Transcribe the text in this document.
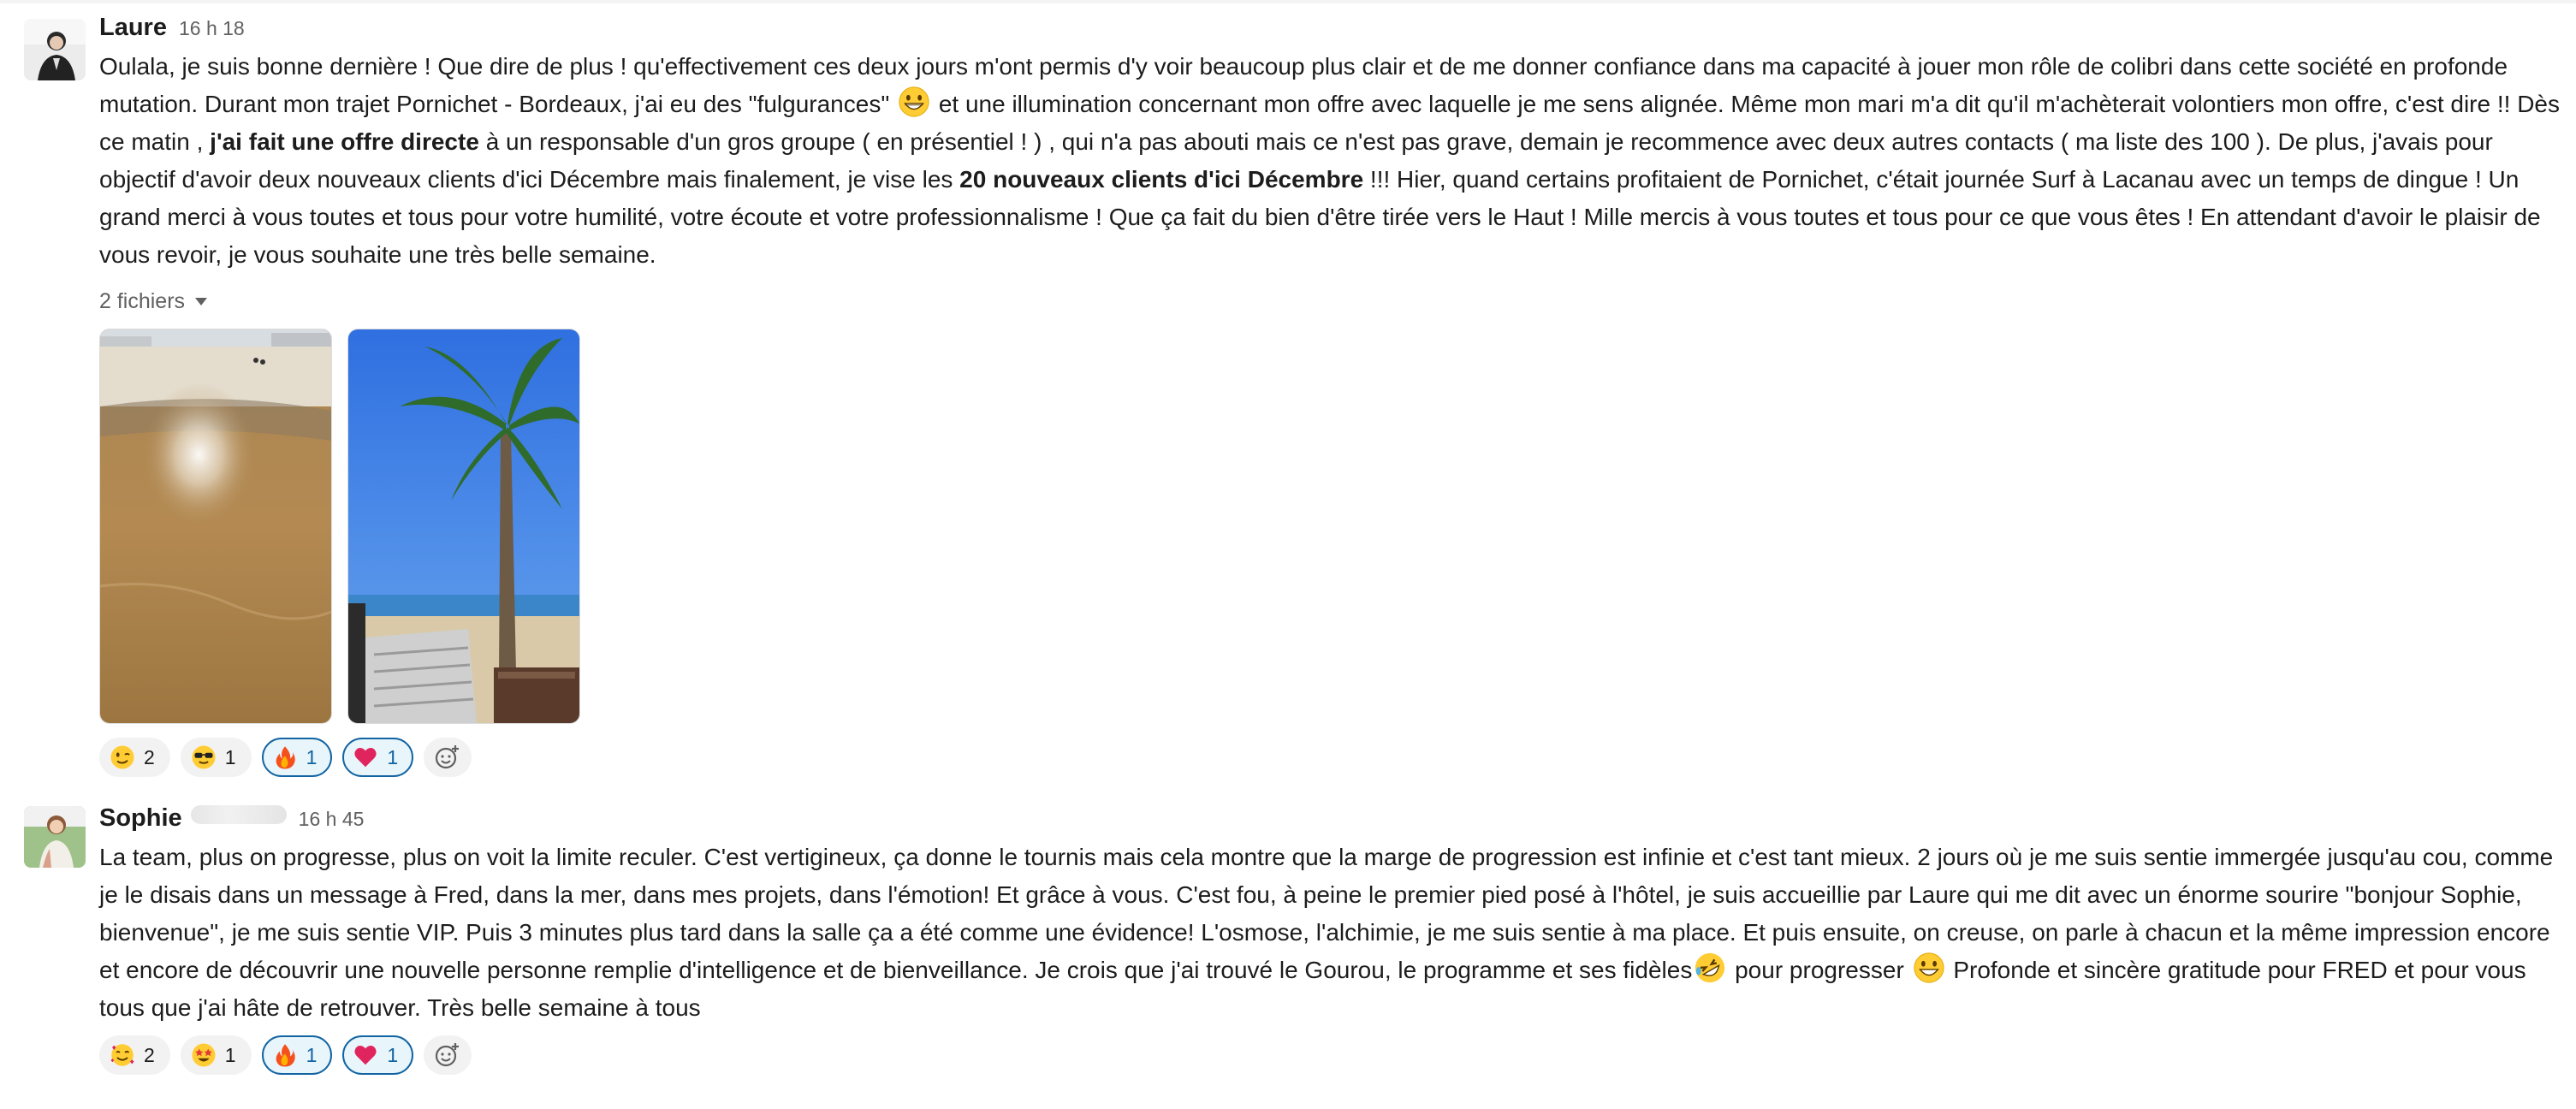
Laure 16 h 18
Oulala, je suis bonne dernière ! Que dire de plus ! qu'effectivement ces deux jours m'ont permis d'y voir beaucoup plus clair et de me donner confiance dans ma capacité à jouer mon rôle de colibri dans cette société en profonde mutation. Durant mon trajet Pornichet - Bordeaux, j'ai eu des "fulgurances" et une illumination concernant mon offre avec laquelle je me sens alignée. Même mon mari m'a dit qu'il m'achèterait volontiers mon offre, c'est dire !! Dès ce matin , j'ai fait une offre directe à un responsable d'un gros groupe ( en présentiel ! ) , qui n'a pas abouti mais ce n'est pas grave, demain je recommence avec deux autres contacts ( ma liste des 100 ). De plus, j'avais pour objectif d'avoir deux nouveaux clients d'ici Décembre mais finalement, je vise les 20 nouveaux clients d'ici Décembre !!! Hier, quand certains profitaient de Pornichet, c'était journée Surf à Lacanau avec un temps de dingue ! Un grand merci à vous toutes et tous pour votre humilité, votre écoute et votre professionnalisme ! Que ça fait du bien d'être tirée vers le Haut ! Mille mercis à vous toutes et tous pour ce que vous êtes ! En attendant d'avoir le plaisir de vous revoir, je vous souhaite une très belle semaine.
2 fichiers
2	1	1	1
Sophie	16 h 45
La team, plus on progresse, plus on voit la limite reculer. C'est vertigineux, ça donne le tournis mais cela montre que la marge de progression est infinie et c'est tant mieux. 2 jours où je me suis sentie immergée jusqu'au cou, comme je le disais dans un message à Fred, dans la mer, dans mes projets, dans l'émotion! Et grâce à vous. C'est fou, à peine le premier pied posé à l'hôtel, je suis accueillie par Laure qui me dit avec un énorme sourire "bonjour Sophie, bienvenue", je me suis sentie VIP. Puis 3 minutes plus tard dans la salle ça a été comme une évidence! L'osmose, l'alchimie, je me suis sentie à ma place. Et puis ensuite, on creuse, on parle à chacun et la même impression encore et encore de découvrir une nouvelle personne remplie d'intelligence et de bienveillance. Je crois que j'ai trouvé le Gourou, le programme et ses fidèles pour progresser Profonde et sincère gratitude pour FRED et pour vous tous que j'ai hâte de retrouver. Très belle semaine à tous
2	1	1	1
